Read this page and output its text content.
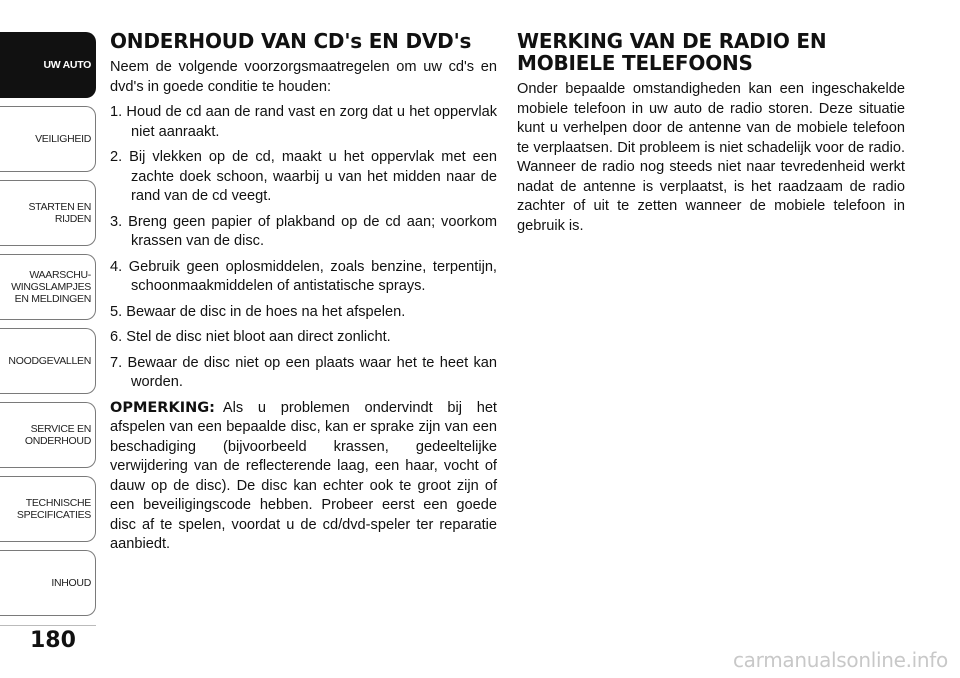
UW AUTO
VEILIGHEID
STARTEN EN
RIJDEN
WAARSCHU-
WINGSLAMPJES
EN MELDINGEN
NOODGEVALLEN
SERVICE EN
ONDERHOUD
TECHNISCHE
SPECIFICATIES
INHOUD
180
ONDERHOUD VAN CD's EN DVD's

Neem de volgende voorzorgsmaatregelen om uw cd's en dvd's in goede conditie te houden:

1. Houd de cd aan de rand vast en zorg dat u het oppervlak niet aanraakt.
2. Bij vlekken op de cd, maakt u het oppervlak met een zachte doek schoon, waarbij u van het midden naar de rand van de cd veegt.
3. Breng geen papier of plakband op de cd aan; voorkom krassen van de disc.
4. Gebruik geen oplosmiddelen, zoals benzine, terpentijn, schoonmaakmiddelen of antistatische sprays.
5. Bewaar de disc in de hoes na het afspelen.
6. Stel de disc niet bloot aan direct zonlicht.
7. Bewaar de disc niet op een plaats waar het te heet kan worden.

OPMERKING: Als u problemen ondervindt bij het afspelen van een bepaalde disc, kan er sprake zijn van een beschadiging (bijvoorbeeld krassen, gedeeltelijke verwijdering van de reflecterende laag, een haar, vocht of dauw op de disc). De disc kan echter ook te groot zijn of een beveiligingscode hebben. Probeer eerst een goede disc af te spelen, voordat u de cd/dvd-speler ter reparatie aanbiedt.

WERKING VAN DE RADIO EN MOBIELE TELEFOONS

Onder bepaalde omstandigheden kan een ingeschakelde mobiele telefoon in uw auto de radio storen. Deze situatie kunt u verhelpen door de antenne van de mobiele telefoon te verplaatsen. Dit probleem is niet schadelijk voor de radio. Wanneer de radio nog steeds niet naar tevredenheid werkt nadat de antenne is verplaatst, is het raadzaam de radio zachter of uit te zetten wanneer de mobiele telefoon in gebruik is.

carmanualsonline.info
